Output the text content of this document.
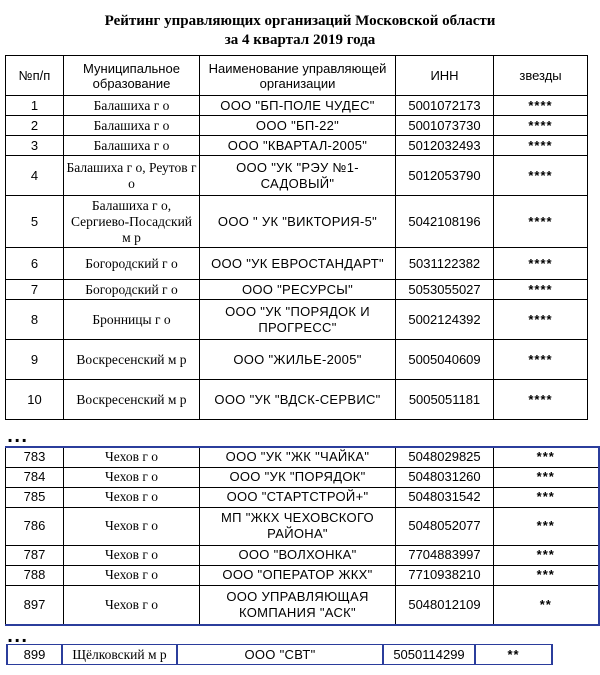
Рейтинг управляющих организаций Московской области
за 4 квартал 2019 года
№п/п	Муниципальное образование	Наименование управляющей организации	ИНН	звезды
1	Балашиха г о	ООО "БП-ПОЛЕ ЧУДЕС"	5001072173	****
2	Балашиха г о	ООО "БП-22"	5001073730	****
3	Балашиха г о	ООО "КВАРТАЛ-2005"	5012032493	****
4	Балашиха г о, Реутов г о	ООО "УК "РЭУ №1-САДОВЫЙ"	5012053790	****
5	Балашиха г о, Сергиево-Посадский м р	ООО " УК "ВИКТОРИЯ-5"	5042108196	****
6	Богородский г о	ООО "УК ЕВРОСТАНДАРТ"	5031122382	****
7	Богородский г о	ООО "РЕСУРСЫ"	5053055027	****
8	Бронницы г о	ООО "УК "ПОРЯДОК И ПРОГРЕСС"	5002124392	****
9	Воскресенский м р	ООО "ЖИЛЬЕ-2005"	5005040609	****
10	Воскресенский м р	ООО "УК "ВДСК-СЕРВИС"	5005051181	****
...
783	Чехов г о	ООО "УК "ЖК "ЧАЙКА"	5048029825	***
784	Чехов г о	ООО "УК "ПОРЯДОК"	5048031260	***
785	Чехов г о	ООО "СТАРТСТРОЙ+"	5048031542	***
786	Чехов г о	МП "ЖКХ ЧЕХОВСКОГО РАЙОНА"	5048052077	***
787	Чехов г о	ООО "ВОЛХОНКА"	7704883997	***
788	Чехов г о	ООО "ОПЕРАТОР ЖКХ"	7710938210	***
897	Чехов г о	ООО УПРАВЛЯЮЩАЯ КОМПАНИЯ "АСК"	5048012109	**
...
899	Щёлковский м р	ООО "СВТ"	5050114299	**
